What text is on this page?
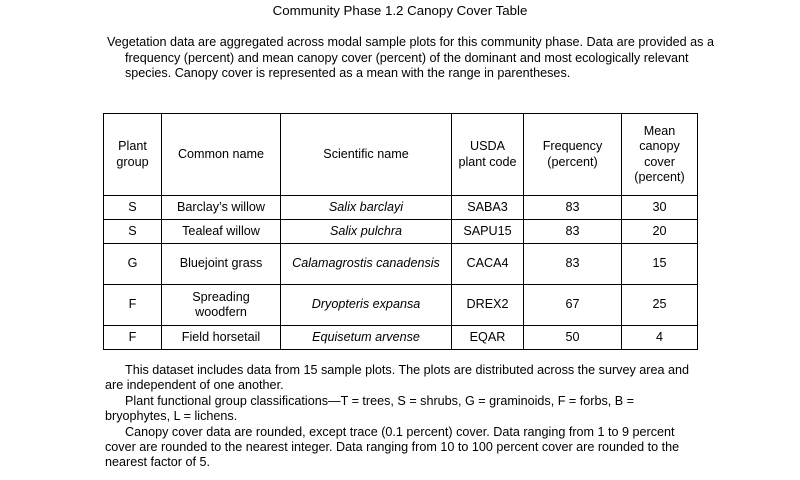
Community Phase 1.2 Canopy Cover Table
Vegetation data are aggregated across modal sample plots for this community phase. Data are provided as a frequency (percent) and mean canopy cover (percent) of the dominant and most ecologically relevant species. Canopy cover is represented as a mean with the range in parentheses.
Plant group	Common name	Scientific name	USDA plant code	Frequency (percent)	Mean canopy cover (percent)
S	Barclay’s willow	Salix barclayi	SABA3	83	30
S	Tealeaf willow	Salix pulchra	SAPU15	83	20
G	Bluejoint grass	Calamagrostis canadensis	CACA4	83	15
F	Spreading woodfern	Dryopteris expansa	DREX2	67	25
F	Field horsetail	Equisetum arvense	EQAR	50	4

This dataset includes data from 15 sample plots. The plots are distributed across the survey area and are independent of one another.

Plant functional group classifications—T = trees, S = shrubs, G = graminoids, F = forbs, B = bryophytes, L = lichens.

Canopy cover data are rounded, except trace (0.1 percent) cover. Data ranging from 1 to 9 percent cover are rounded to the nearest integer. Data ranging from 10 to 100 percent cover are rounded to the nearest factor of 5.
